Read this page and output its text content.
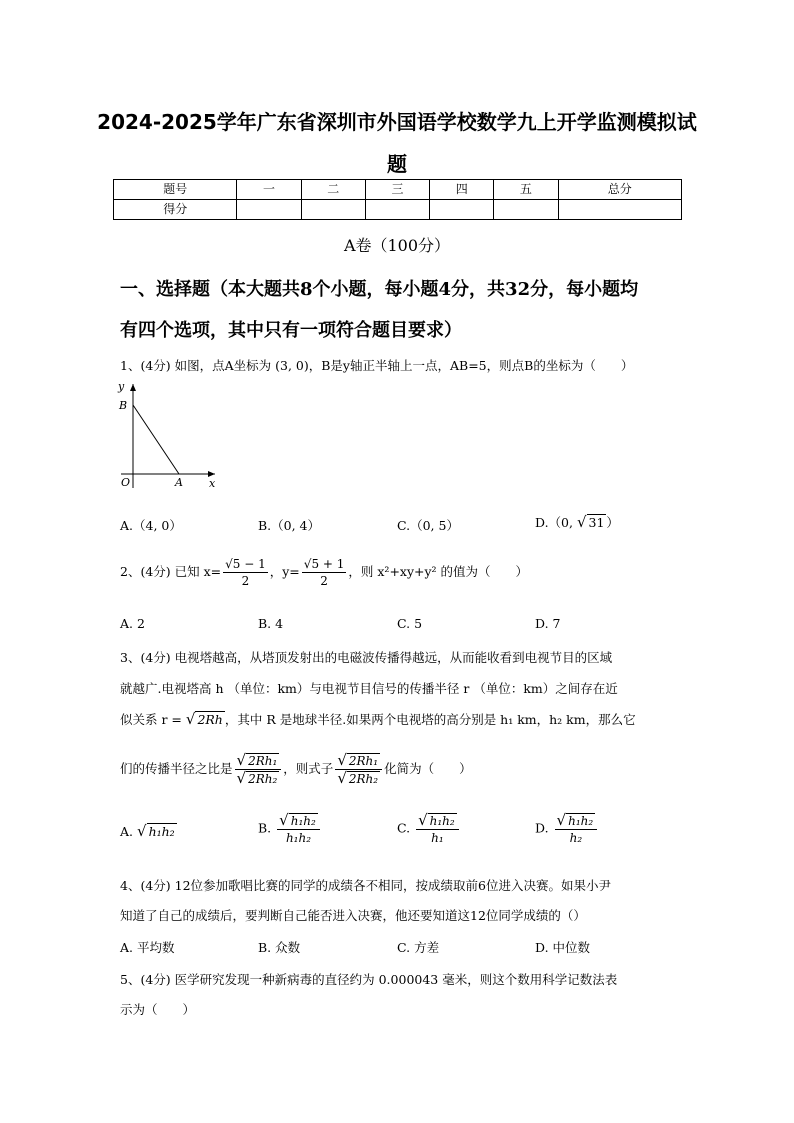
2024-2025学年广东省深圳市外国语学校数学九上开学监测模拟试
题
题号	一	二	三	四	五	总分
得分						
A卷（100分）
一、选择题（本大题共8个小题，每小题4分，共32分，每小题均
有四个选项，其中只有一项符合题目要求）
1、(4分) 如图，点A坐标为 (3, 0)，B是y轴正半轴上一点，AB=5，则点B的坐标为（　　）
y
B
O	A x
A.（4, 0）	B.（0, 4）	C.（0, 5）	D.（0, √ 31 ）
2、(4分) 已知 $x= \frac{√5 - 1}{2}$ ，$y= \frac{√5 + 1}{2}$ ，则 x²+xy+y² 的值为（　　）
A. 2	B. 4	C. 5	D. 7
3、(4分) 电视塔越高，从塔顶发射出的电磁波传播得越远，从而能收看到电视节目的区域
就越广.电视塔高 h （单位：km）与电视节目信号的传播半径 r （单位：km）之间存在近
似关系 r = √ 2Rh ，其中 R 是地球半径.如果两个电视塔的高分别是 h₁ km，h₂ km，那么它
们的传播半径之比是 $\frac{\text{√ 2Rh₁}}{\text{√ 2Rh₂}}$ ，则式子 $\frac{\text{√ 2Rh₁}}{\text{√ 2Rh₂}}$ 化简为（　　）
A. √ h₁h₂	B. $\frac{\text{√ h₁h₂}}{\text{h₁h₂}}$	C. $\frac{\text{√ h₁h₂}}{\text{h₁}}$	D. $\frac{\text{√ h₁h₂}}{\text{h₂}}$
4、(4分) 12位参加歌唱比赛的同学的成绩各不相同，按成绩取前6位进入决赛。如果小尹
知道了自己的成绩后，要判断自己能否进入决赛，他还要知道这12位同学成绩的（）
A. 平均数	B. 众数	C. 方差	D. 中位数
5、(4分) 医学研究发现一种新病毒的直径约为 0.000043 毫米，则这个数用科学记数法表
示为（　　）
